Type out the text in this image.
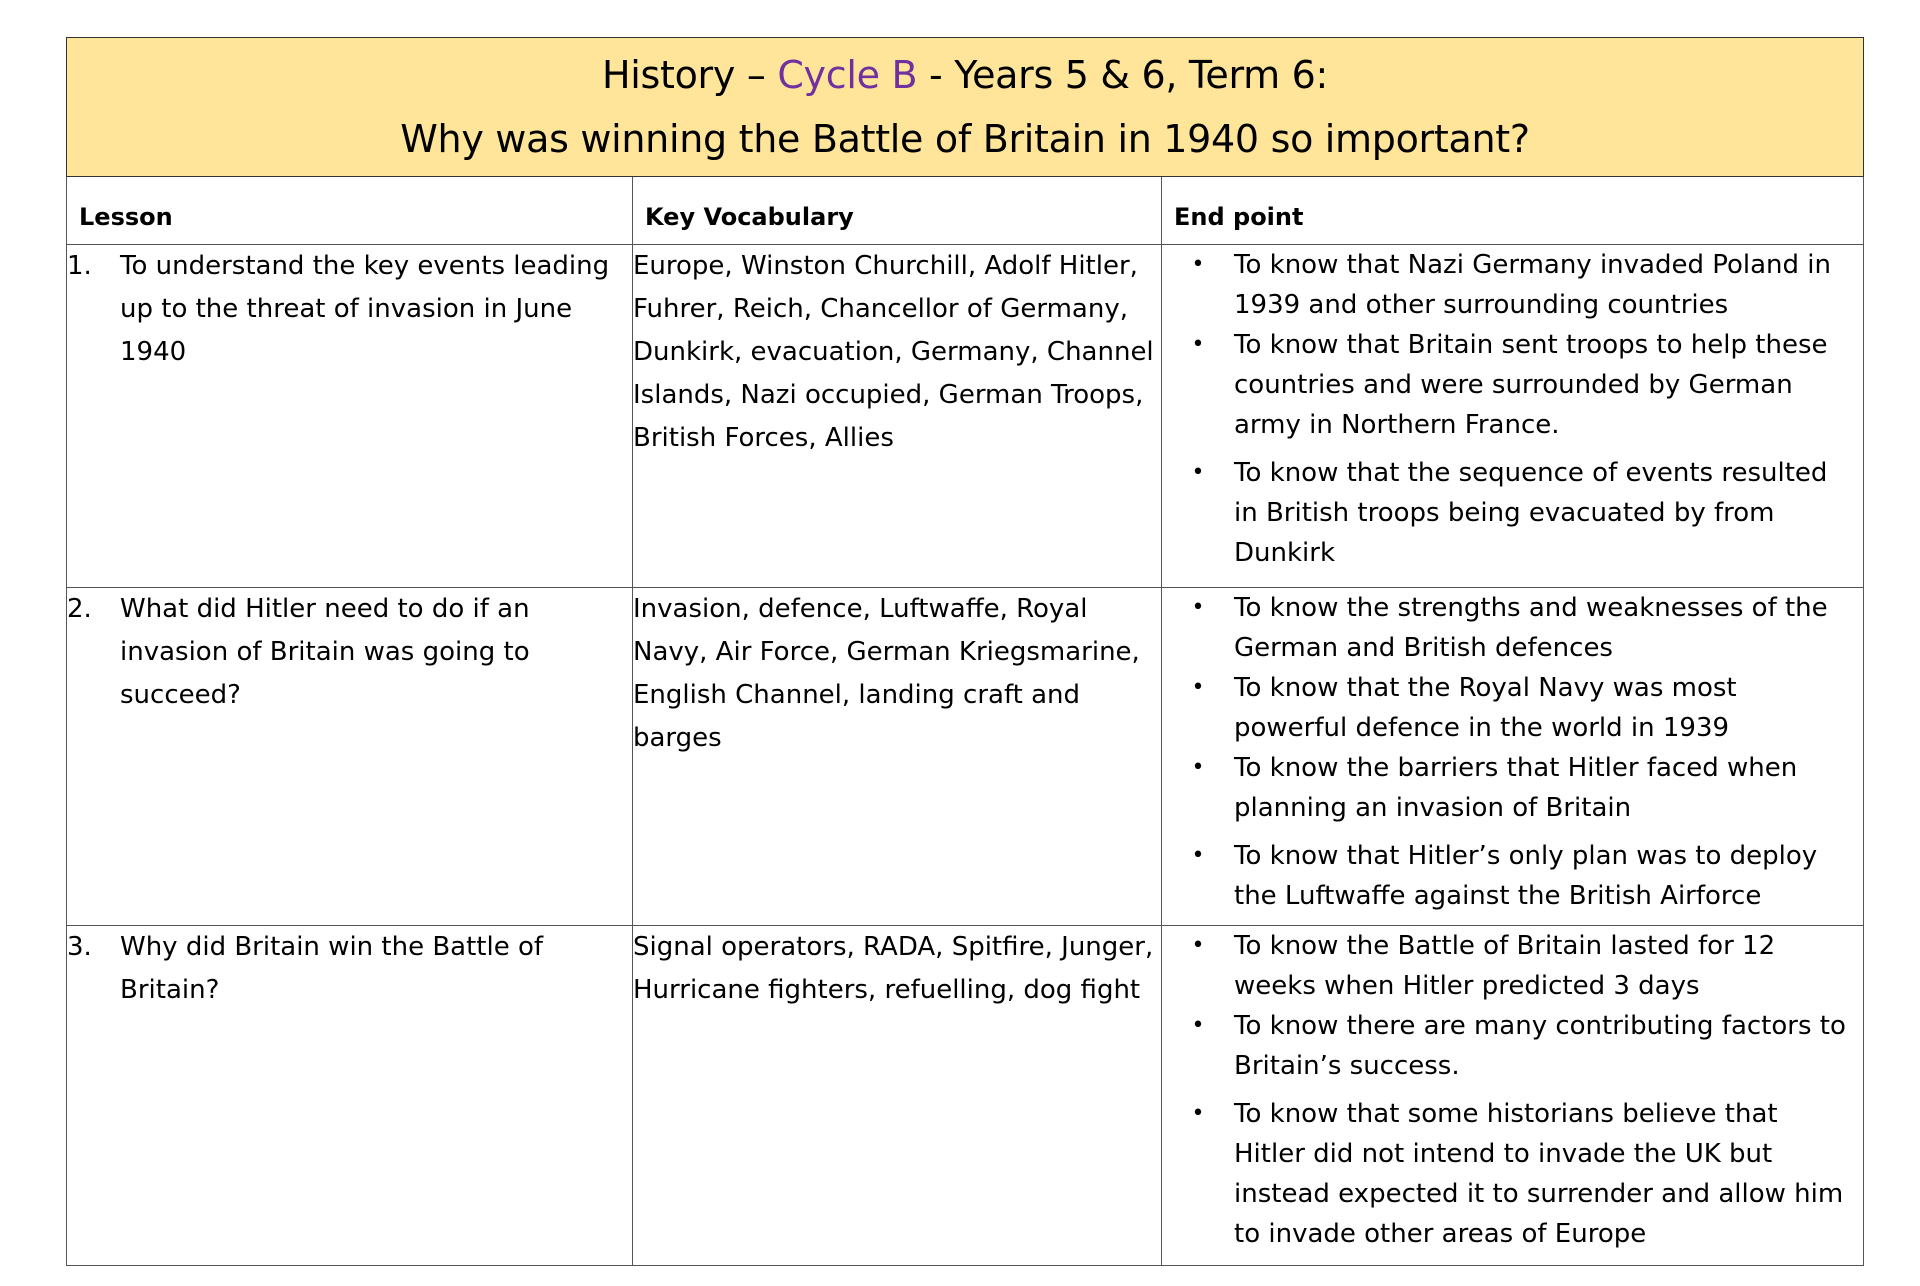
History – Cycle B - Years 5 & 6, Term 6:
Why was winning the Battle of Britain in 1940 so important?		

Lesson	Key Vocabulary	End point

1.	To understand the key events leading up to the threat of invasion in June 1940
	Europe, Winston Churchill, Adolf Hitler, Fuhrer, Reich, Chancellor of Germany, Dunkirk, evacuation, Germany, Channel Islands, Nazi occupied, German Troops, British Forces, Allies	
•	To know that Nazi Germany invaded Poland in 1939 and other surrounding countries
•	To know that Britain sent troops to help these countries and were surrounded by German army in Northern France.
•	To know that the sequence of events resulted in British troops being evacuated by from Dunkirk

2.	What did Hitler need to do if an invasion of Britain was going to succeed?
	Invasion, defence, Luftwaffe, Royal Navy, Air Force, German Kriegsmarine, English Channel, landing craft and barges	
•	To know the strengths and weaknesses of the German and British defences
•	To know that the Royal Navy was most powerful defence in the world in 1939
•	To know the barriers that Hitler faced when planning an invasion of Britain
•	To know that Hitler’s only plan was to deploy the Luftwaffe against the British Airforce

3.	Why did Britain win the Battle of Britain?
	Signal operators, RADA, Spitfire, Junger, Hurricane fighters, refuelling, dog fight	
•	To know the Battle of Britain lasted for 12 weeks when Hitler predicted 3 days
•	To know there are many contributing factors to Britain’s success.
•	To know that some historians believe that Hitler did not intend to invade the UK but instead expected it to surrender and allow him to invade other areas of Europe
